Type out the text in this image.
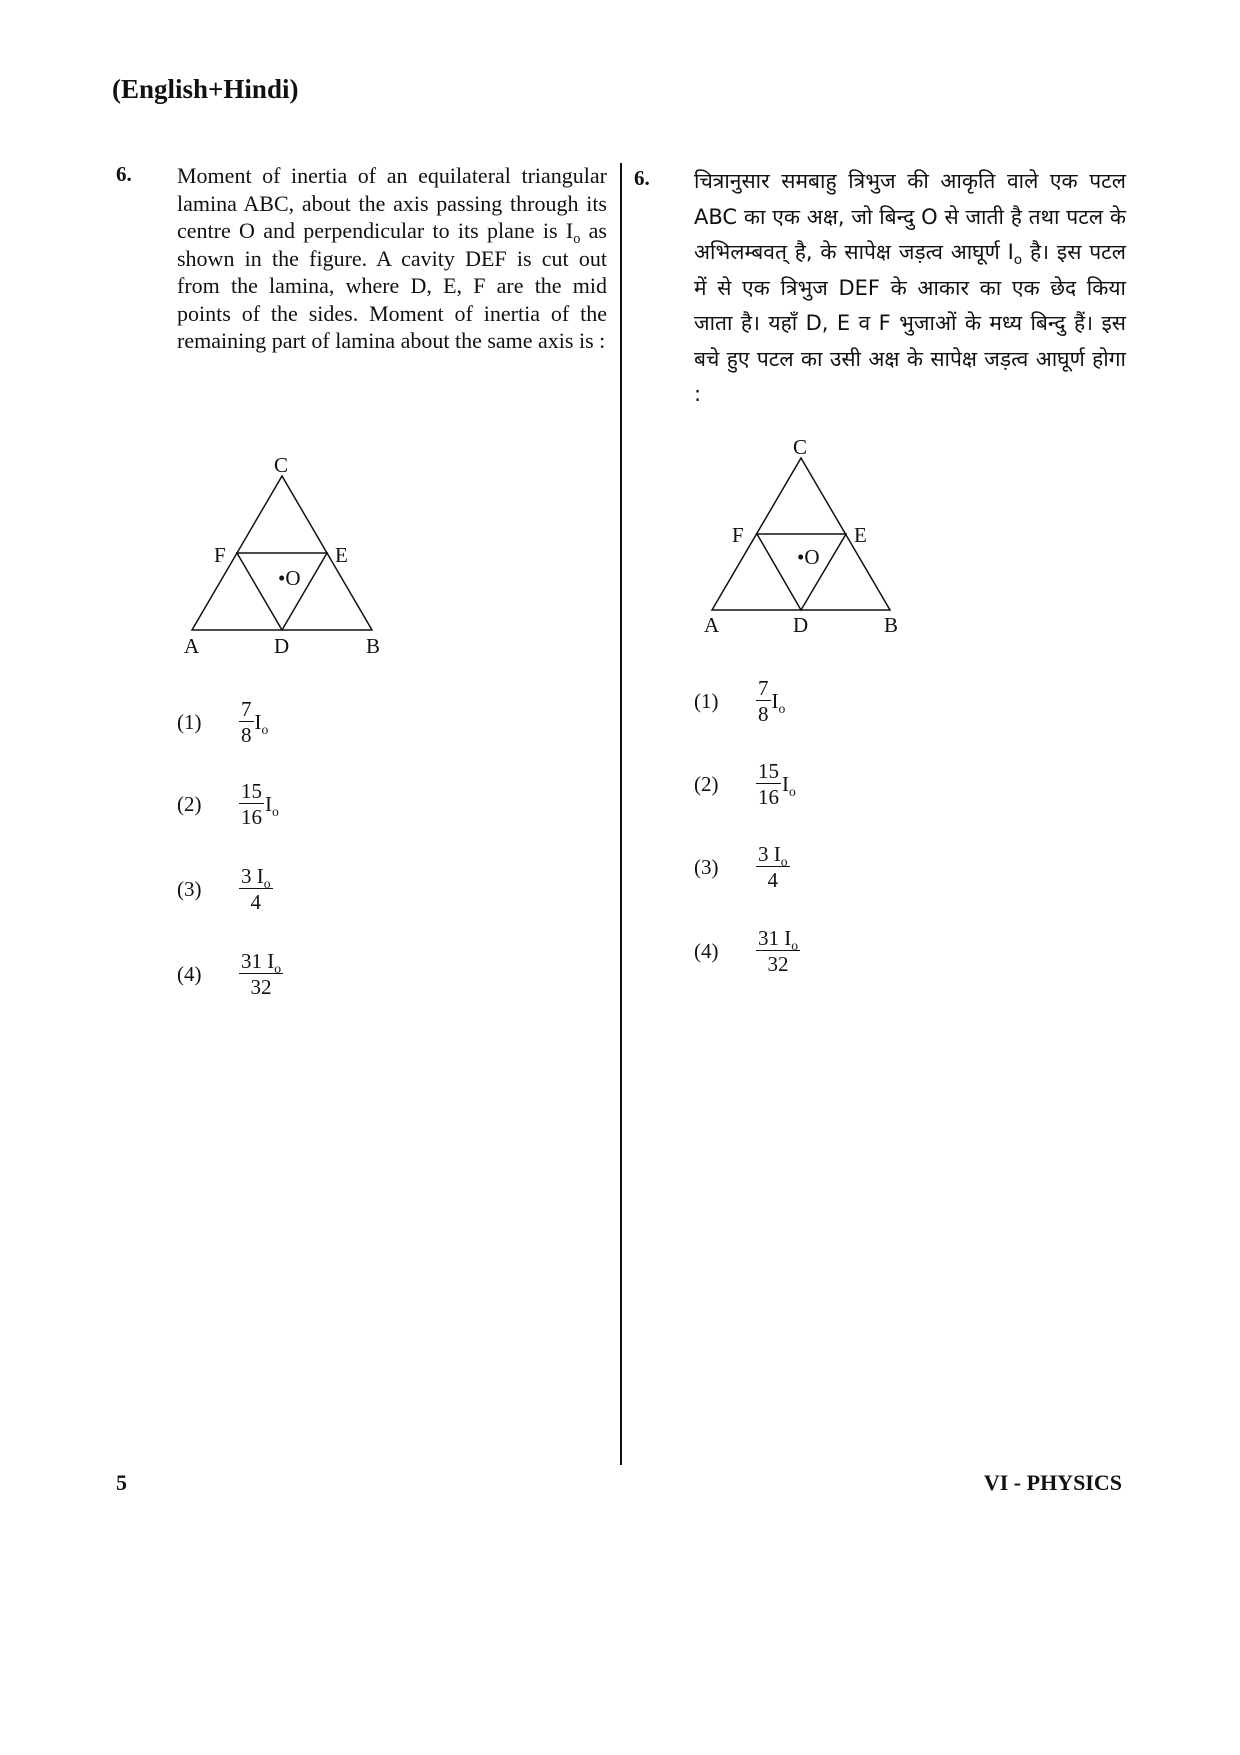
(English+Hindi)
6. Moment of inertia of an equilateral triangular lamina ABC, about the axis passing through its centre O and perpendicular to its plane is $I_o$ as shown in the figure. A cavity DEF is cut out from the lamina, where D, E, F are the mid points of the sides. Moment of inertia of the remaining part of lamina about the same axis is :
C
F	E
•O
A	D	B
(1)	$\frac{7}{8} I_o$
(2)	$\frac{15}{16} I_o$
(3)	$\frac{3 I_o}{4}$
(4)	$\frac{31 I_o}{32}$
6. चित्रानुसार समबाहु त्रिभुज की आकृति वाले एक पटल ABC का एक अक्ष, जो बिन्दु O से जाती है तथा पटल के अभिलम्बवत् है, के सापेक्ष जड़त्व आघूर्ण $I_o$ है। इस पटल में से एक त्रिभुज DEF के आकार का एक छेद किया जाता है। यहाँ D, E व F भुजाओं के मध्य बिन्दु हैं। इस बचे हुए पटल का उसी अक्ष के सापेक्ष जड़त्व आघूर्ण होगा :
C
F	E
•O
A	D	B
(1)	$\frac{7}{8} I_o$
(2)	$\frac{15}{16} I_o$
(3)	$\frac{3 I_o}{4}$
(4)	$\frac{31 I_o}{32}$
5	VI - PHYSICS
